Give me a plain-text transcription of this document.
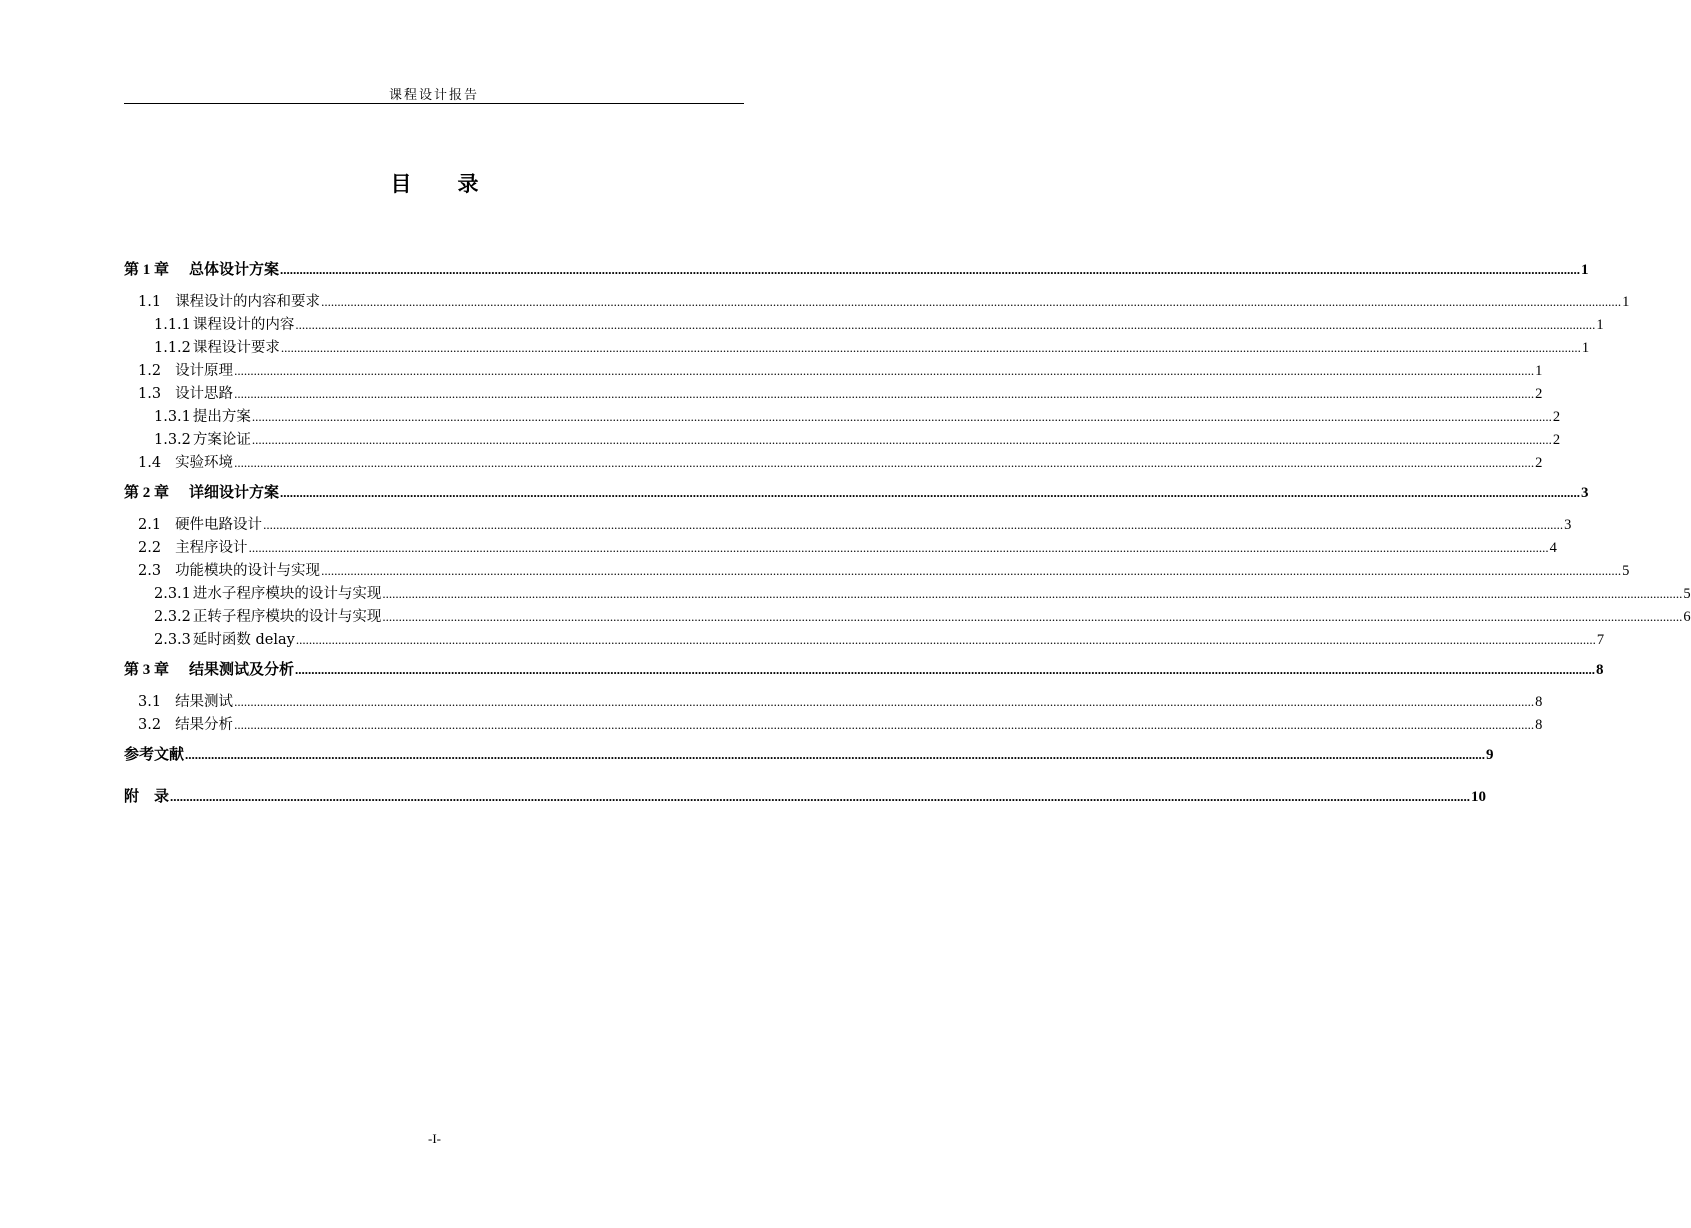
课程设计报告
目 录
第 1 章 总体设计方案 ................................................................................................................................................................................................................................................................................................................................................................................................................ 1
1.1 课程设计的内容和要求 ................................................................................................................................................................................................................................................................................................................................................................................................................ 1
1.1.1 课程设计的内容 ................................................................................................................................................................................................................................................................................................................................................................................................................ 1
1.1.2 课程设计要求 ................................................................................................................................................................................................................................................................................................................................................................................................................ 1
1.2 设计原理 ................................................................................................................................................................................................................................................................................................................................................................................................................ 1
1.3 设计思路 ................................................................................................................................................................................................................................................................................................................................................................................................................ 2
1.3.1 提出方案 ................................................................................................................................................................................................................................................................................................................................................................................................................ 2
1.3.2 方案论证 ................................................................................................................................................................................................................................................................................................................................................................................................................ 2
1.4 实验环境 ................................................................................................................................................................................................................................................................................................................................................................................................................ 2
第 2 章 详细设计方案 ................................................................................................................................................................................................................................................................................................................................................................................................................ 3
2.1 硬件电路设计 ................................................................................................................................................................................................................................................................................................................................................................................................................ 3
2.2 主程序设计 ................................................................................................................................................................................................................................................................................................................................................................................................................ 4
2.3 功能模块的设计与实现 ................................................................................................................................................................................................................................................................................................................................................................................................................ 5
2.3.1 进水子程序模块的设计与实现 ................................................................................................................................................................................................................................................................................................................................................................................................................ 5
2.3.2 正转子程序模块的设计与实现 ................................................................................................................................................................................................................................................................................................................................................................................................................ 6
2.3.3 延时函数 delay ................................................................................................................................................................................................................................................................................................................................................................................................................ 7
第 3 章 结果测试及分析 ................................................................................................................................................................................................................................................................................................................................................................................................................ 8
3.1 结果测试 ................................................................................................................................................................................................................................................................................................................................................................................................................ 8
3.2 结果分析 ................................................................................................................................................................................................................................................................................................................................................................................................................ 8
参考文献 ................................................................................................................................................................................................................................................................................................................................................................................................................ 9
附　录 ................................................................................................................................................................................................................................................................................................................................................................................................................ 10
-I-
